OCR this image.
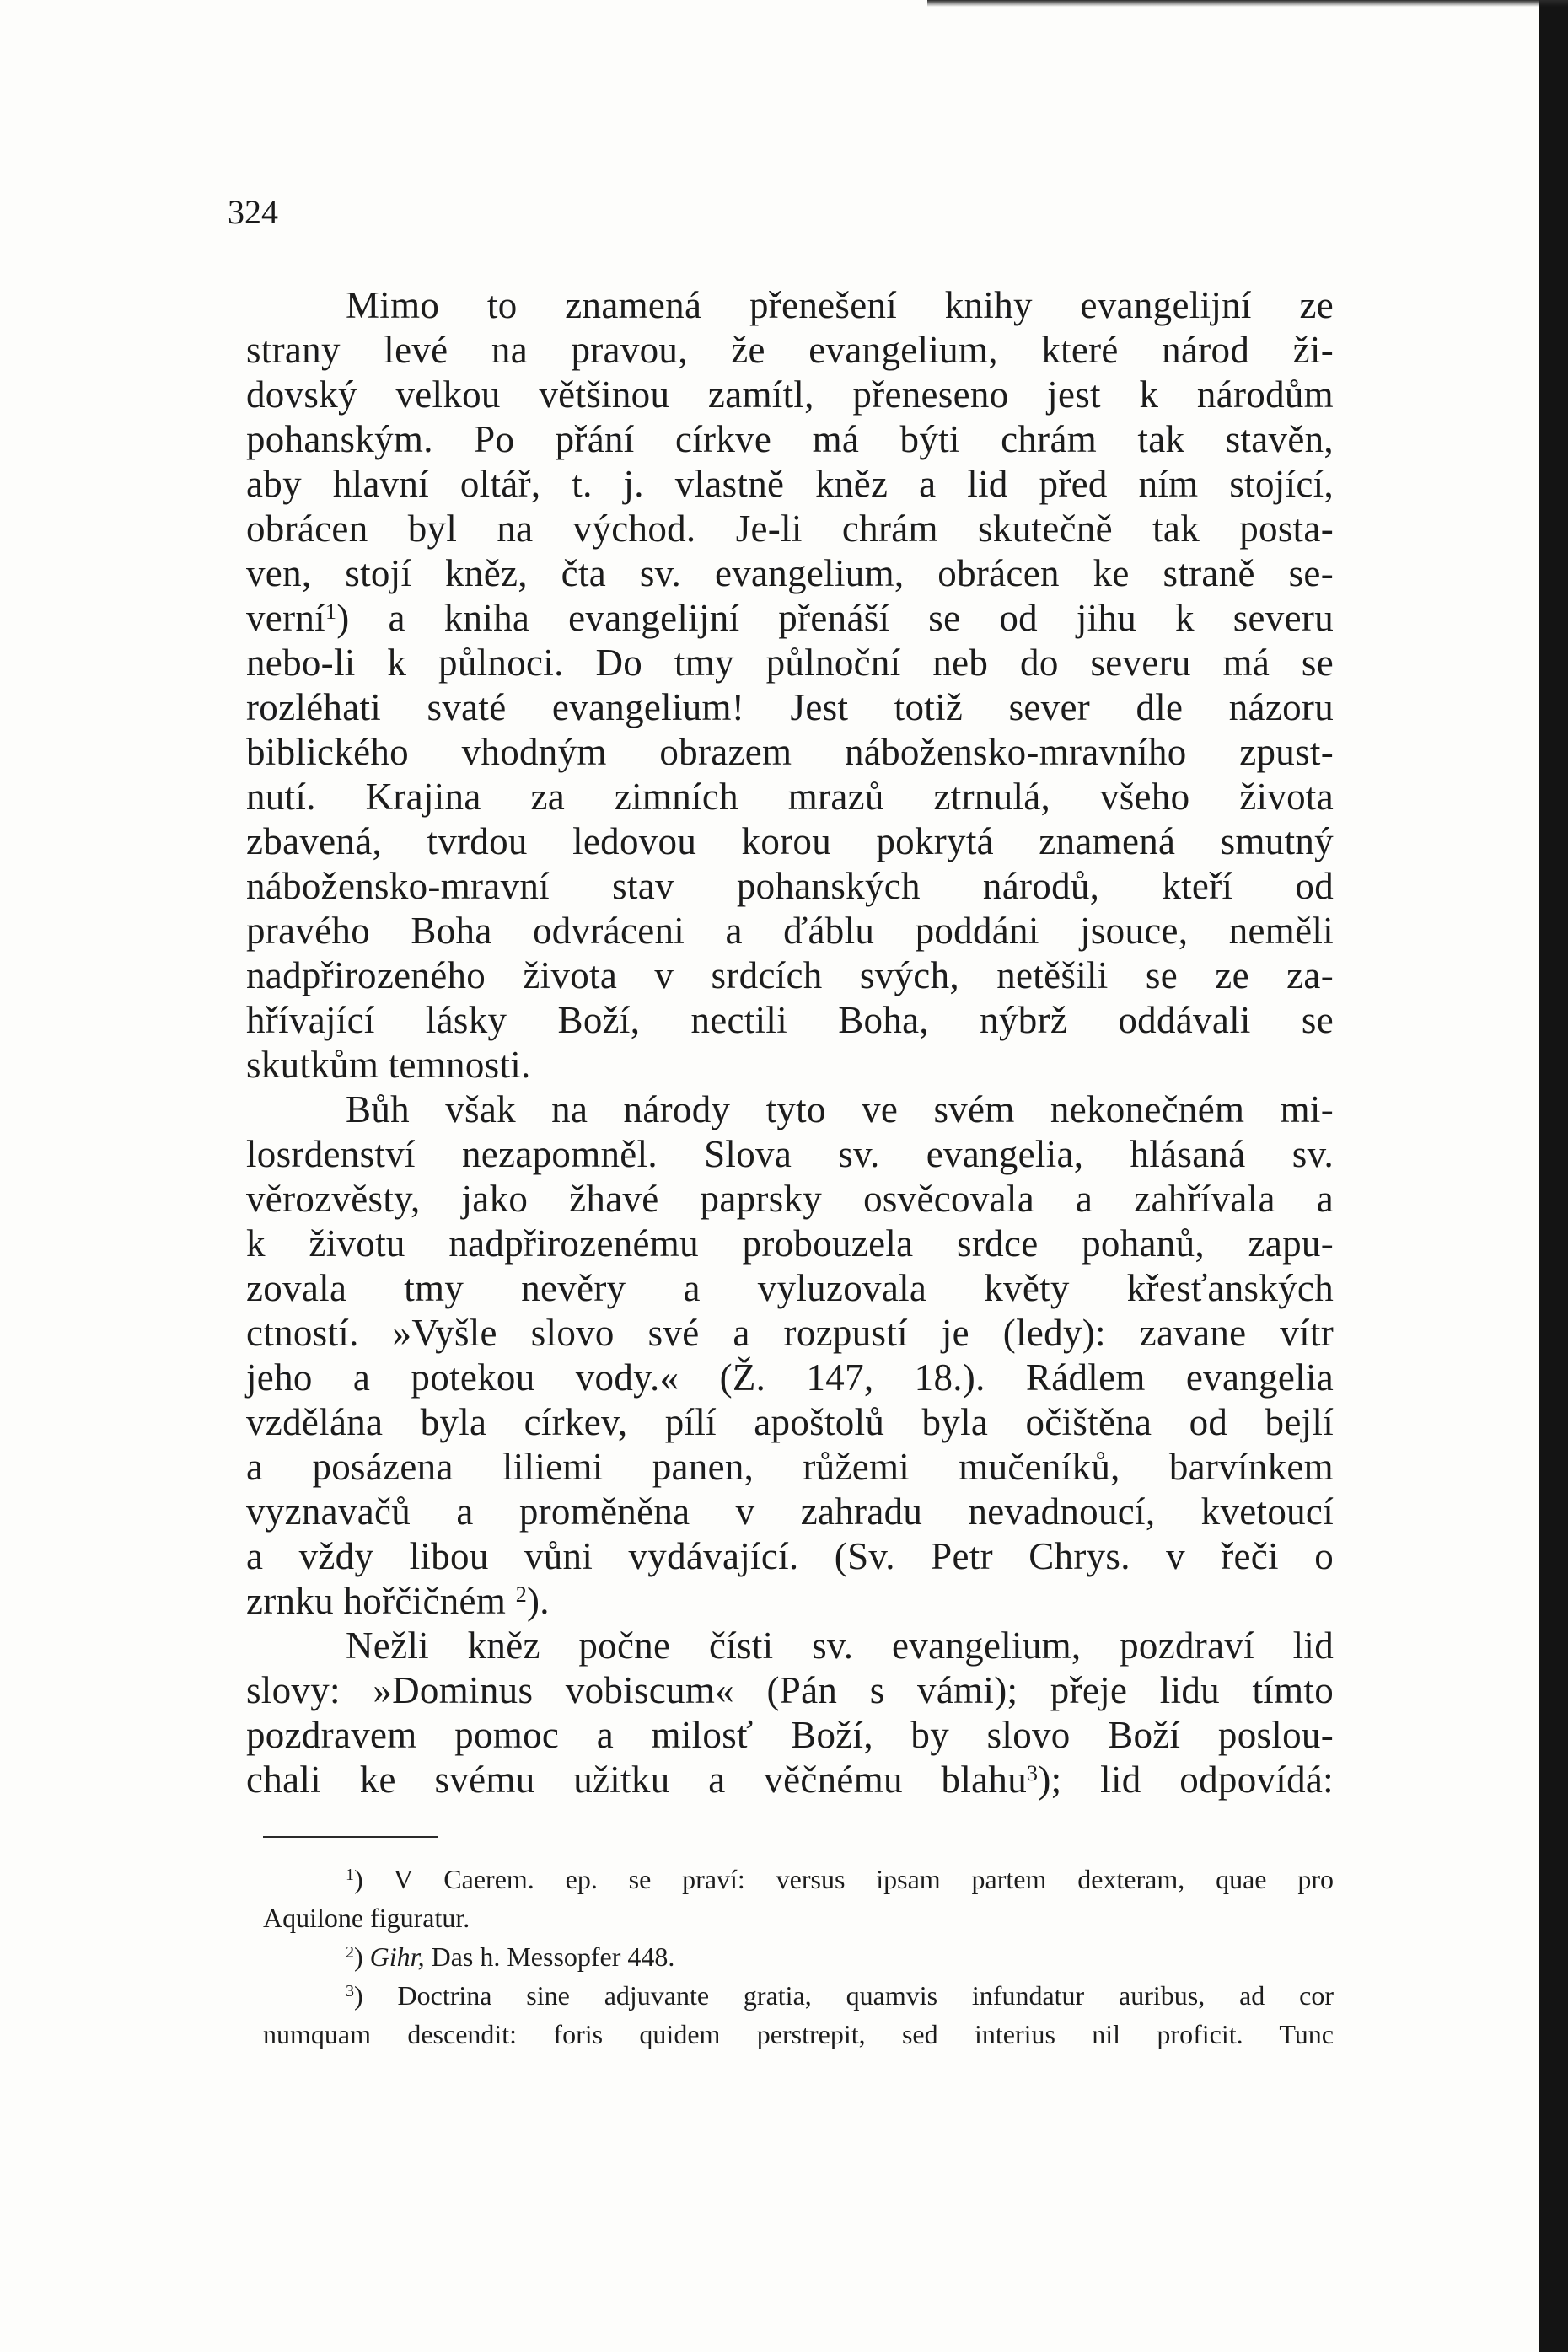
324
Mimo to znamená přenešení knihy evangelijní ze
strany levé na pravou, že evangelium, které národ ži-
dovský velkou většinou zamítl, přeneseno jest k národům
pohanským. Po přání církve má býti chrám tak stavěn,
aby hlavní oltář, t. j. vlastně kněz a lid před ním stojící,
obrácen byl na východ. Je-li chrám skutečně tak posta-
ven, stojí kněz, čta sv. evangelium, obrácen ke straně se-
verní$^1$) a kniha evangelijní přenáší se od jihu k severu
nebo-li k půlnoci. Do tmy půlnoční neb do severu má se
rozléhati svaté evangelium! Jest totiž sever dle názoru
biblického vhodným obrazem nábožensko-mravního zpust-
nutí. Krajina za zimních mrazů ztrnulá, všeho života
zbavená, tvrdou ledovou korou pokrytá znamená smutný
nábožensko-mravní stav pohanských národů, kteří od
pravého Boha odvráceni a ďáblu poddáni jsouce, neměli
nadpřirozeného života v srdcích svých, netěšili se ze za-
hřívající lásky Boží, nectili Boha, nýbrž oddávali se
skutkům temnosti.
Bůh však na národy tyto ve svém nekonečném mi-
losrdenství nezapomněl. Slova sv. evangelia, hlásaná sv.
věrozvěsty, jako žhavé paprsky osvěcovala a zahřívala a
k životu nadpřirozenému probouzela srdce pohanů, zapu-
zovala tmy nevěry a vyluzovala květy křesťanských
ctností. »Vyšle slovo své a rozpustí je (ledy): zavane vítr
jeho a potekou vody.« (Ž. 147, 18.). Rádlem evangelia
vzdělána byla církev, pílí apoštolů byla očištěna od bejlí
a posázena liliemi panen, růžemi mučeníků, barvínkem
vyznavačů a proměněna v zahradu nevadnoucí, kvetoucí
a vždy libou vůni vydávající. (Sv. Petr Chrys. v řeči o
zrnku hořčičném $^2$).
Nežli kněz počne čísti sv. evangelium, pozdraví lid
slovy: »Dominus vobiscum« (Pán s vámi); přeje lidu tímto
pozdravem pomoc a milosť Boží, by slovo Boží poslou-
chali ke svému užitku a věčnému blahu$^3$); lid odpovídá:
$^1$) V Caerem. ep. se praví: versus ipsam partem dexteram, quae pro
Aquilone figuratur.
$^2$) Gihr, Das h. Messopfer 448.
$^3$) Doctrina sine adjuvante gratia, quamvis infundatur auribus, ad cor
numquam descendit: foris quidem perstrepit, sed interius nil proficit. Tunc
